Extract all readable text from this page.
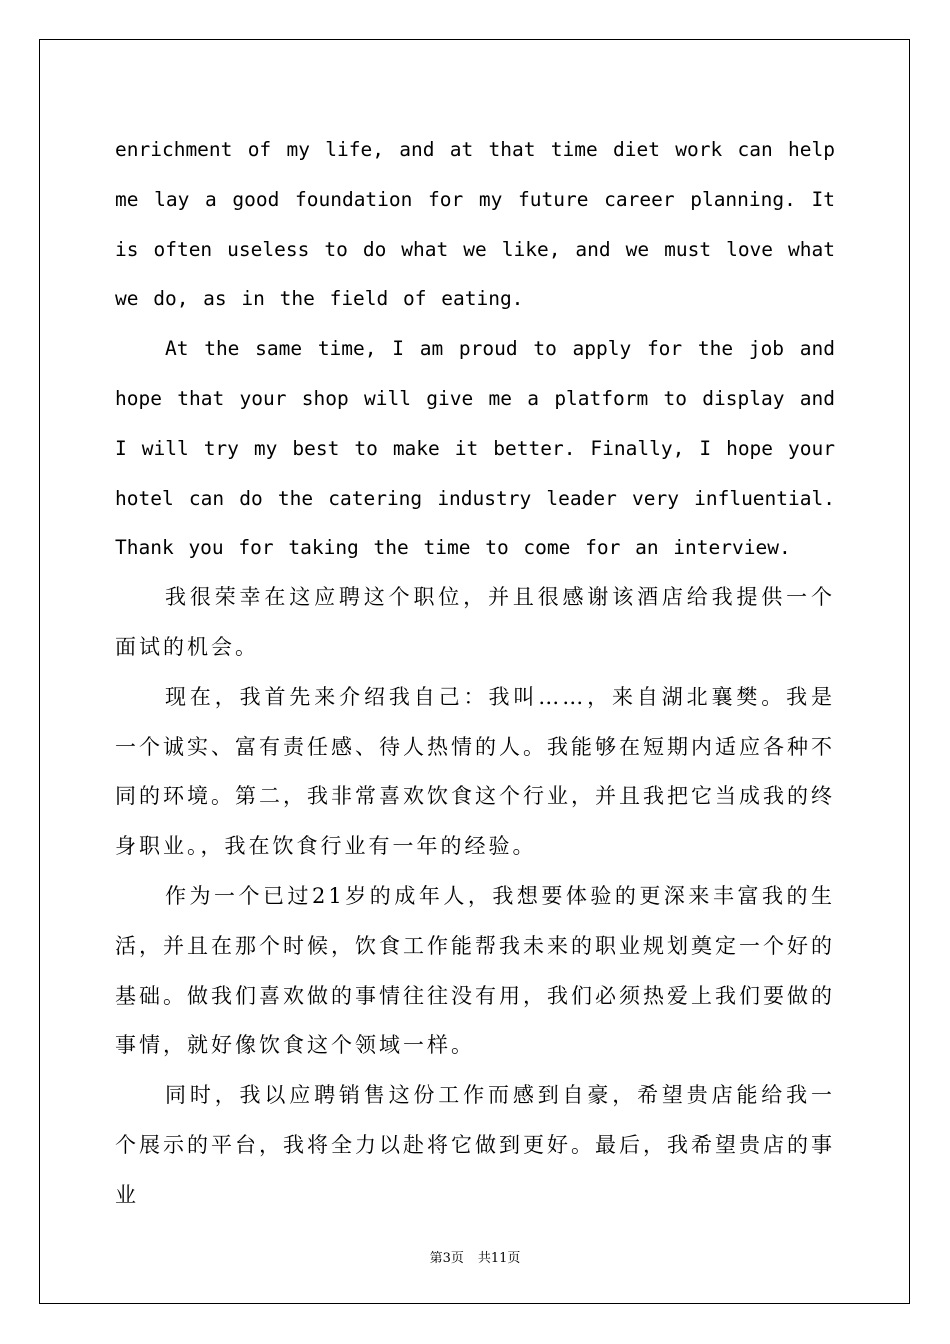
enrichment of my life, and at that time diet work can help me lay a good foundation for my future career planning. It is often useless to do what we like, and we must love what we do, as in the field of eating.

At the same time, I am proud to apply for the job and hope that your shop will give me a platform to display and I will try my best to make it better. Finally, I hope your hotel can do the catering industry leader very influential. Thank you for taking the time to come for an interview.

我很荣幸在这应聘这个职位，并且很感谢该酒店给我提供一个面试的机会。

现在，我首先来介绍我自己：我叫……，来自湖北襄樊。我是一个诚实、富有责任感、待人热情的人。我能够在短期内适应各种不同的环境。第二，我非常喜欢饮食这个行业，并且我把它当成我的终身职业。，我在饮食行业有一年的经验。

作为一个已过21岁的成年人，我想要体验的更深来丰富我的生活，并且在那个时候，饮食工作能帮我未来的职业规划奠定一个好的基础。做我们喜欢做的事情往往没有用，我们必须热爱上我们要做的事情，就好像饮食这个领域一样。

同时，我以应聘销售这份工作而感到自豪，希望贵店能给我一个展示的平台，我将全力以赴将它做到更好。最后，我希望贵店的事业

第3页 共11页
